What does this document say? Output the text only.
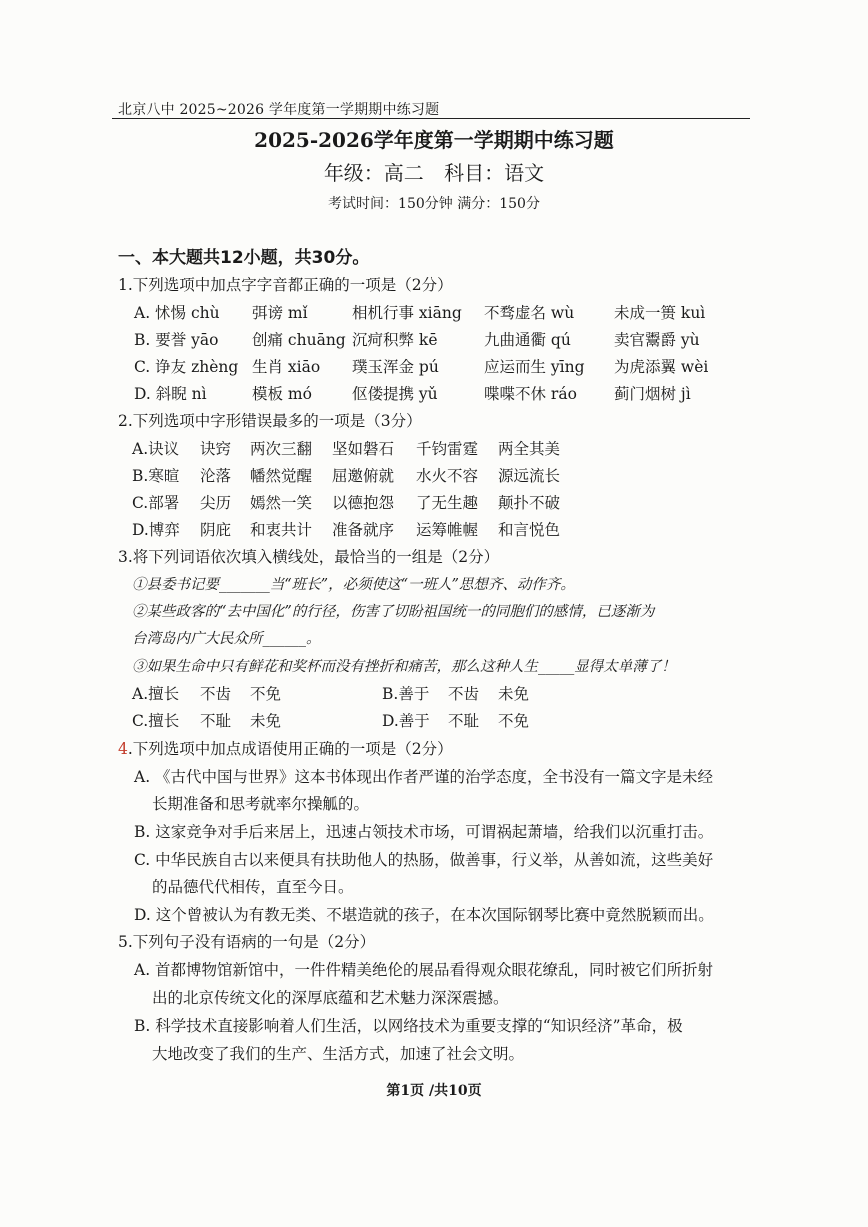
北京八中 2025~2026 学年度第一学期期中练习题
2025-2026学年度第一学期期中练习题
年级：高二 科目：语文
考试时间：150分钟 满分：150分
一、本大题共12小题，共30分。
1.下列选项中加点字字音都正确的一项是（2分）
A. 怵惕 chù 弭谤 mǐ	相机行事 xiāng 不骛虚名 wù	未成一篑 kuì
B. 要誉 yāo 创痛 chuāng 沉疴积弊 kē	九曲通衢 qú	卖官鬻爵 yù
C. 诤友 zhèng 生肖 xiāo 璞玉浑金 pú	应运而生 yīng 为虎添翼 wèi
D. 斜睨 nì	模板 mó	伛偻提携 yǔ	喋喋不休 ráo 蓟门烟树 jì
2.下列选项中字形错误最多的一项是（3分）
A.诀议 诀窍 两次三翻 坚如磐石 千钧雷霆 两全其美
B.寒暄 沦落 幡然觉醒 屈邀俯就 水火不容 源远流长
C.部署 尖历 嫣然一笑 以德抱怨 了无生趣 颠扑不破
D.博弈 阴庇 和衷共计 准备就序 运筹帷幄 和言悦色
3.将下列词语依次填入横线处，最恰当的一组是（2分）
①县委书记要_______当“班长”，必须使这“一班人”思想齐、动作齐。
②某些政客的“去中国化”的行径，伤害了切盼祖国统一的同胞们的感情，已逐渐为
台湾岛内广大民众所______。
③如果生命中只有鲜花和奖杯而没有挫折和痛苦，那么这种人生_____显得太单薄了！
A.擅长 不齿 不免	B.善于 不齿 未免
C.擅长 不耻 未免	D.善于 不耻 不免
4.下列选项中加点成语使用正确的一项是（2分）
A. 《古代中国与世界》这本书体现出作者严谨的治学态度，全书没有一篇文字是未经
长期准备和思考就率尔操觚的。
B. 这家竞争对手后来居上，迅速占领技术市场，可谓祸起萧墙，给我们以沉重打击。
C. 中华民族自古以来便具有扶助他人的热肠，做善事，行义举，从善如流，这些美好
的品德代代相传，直至今日。
D. 这个曾被认为有教无类、不堪造就的孩子，在本次国际钢琴比赛中竟然脱颖而出。
5.下列句子没有语病的一句是（2分）
A. 首都博物馆新馆中，一件件精美绝伦的展品看得观众眼花缭乱，同时被它们所折射
出的北京传统文化的深厚底蕴和艺术魅力深深震撼。
B. 科学技术直接影响着人们生活，以网络技术为重要支撑的“知识经济”革命，极
大地改变了我们的生产、生活方式，加速了社会文明。
第1页 /共10页
